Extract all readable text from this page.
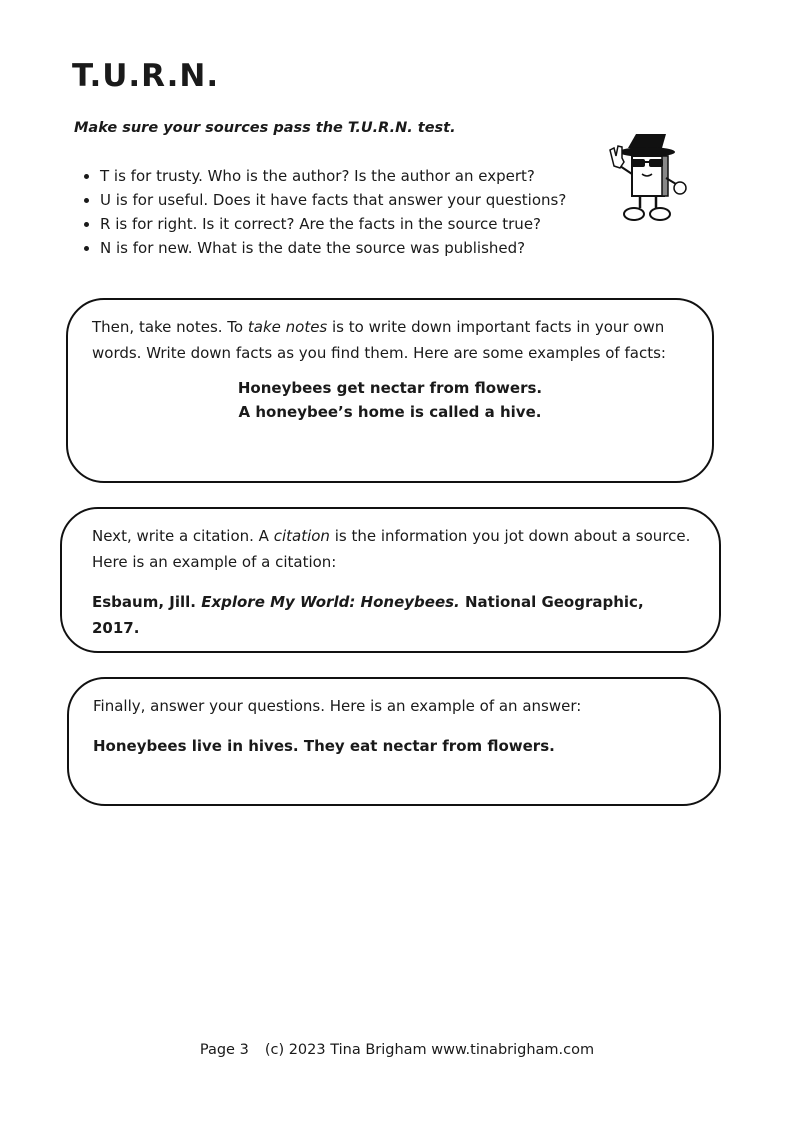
T.U.R.N.
Make sure your sources pass the T.U.R.N. test.
• T is for trusty. Who is the author? Is the author an expert?
• U is for useful. Does it have facts that answer your questions?
• R is for right. Is it correct? Are the facts in the source true?
• N is for new. What is the date the source was published?

Then, take notes. To take notes is to write down important facts in your own words. Write down facts as you find them. Here are some examples of facts:

Honeybees get nectar from flowers.
A honeybee’s home is called a hive.

Next, write a citation. A citation is the information you jot down about a source. Here is an example of a citation:

Esbaum, Jill. Explore My World: Honeybees. National Geographic, 2017.

Finally, answer your questions. Here is an example of an answer:

Honeybees live in hives. They eat nectar from flowers.

Page 3 (c) 2023 Tina Brigham www.tinabrigham.com
